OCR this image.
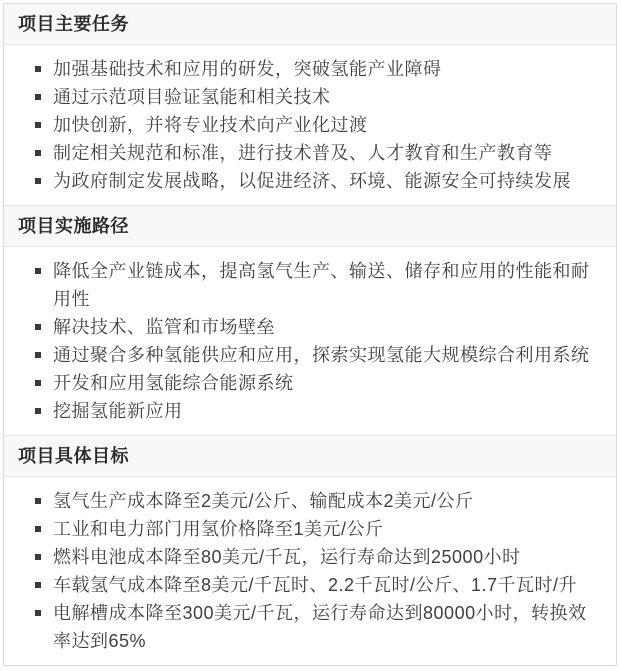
项目主要任务
加强基础技术和应用的研发，突破氢能产业障碍
通过示范项目验证氢能和相关技术
加快创新，并将专业技术向产业化过渡
制定相关规范和标准，进行技术普及、人才教育和生产教育等
为政府制定发展战略，以促进经济、环境、能源安全可持续发展
项目实施路径
降低全产业链成本，提高氢气生产、输送、储存和应用的性能和耐用性
解决技术、监管和市场壁垒
通过聚合多种氢能供应和应用，探索实现氢能大规模综合利用系统
开发和应用氢能综合能源系统
挖掘氢能新应用
项目具体目标
氢气生产成本降至2美元/公斤、输配成本2美元/公斤
工业和电力部门用氢价格降至1美元/公斤
燃料电池成本降至80美元/千瓦，运行寿命达到25000小时
车载氢气成本降至8美元/千瓦时、2.2千瓦时/公斤、1.7千瓦时/升
电解槽成本降至300美元/千瓦，运行寿命达到80000小时，转换效率达到65%
